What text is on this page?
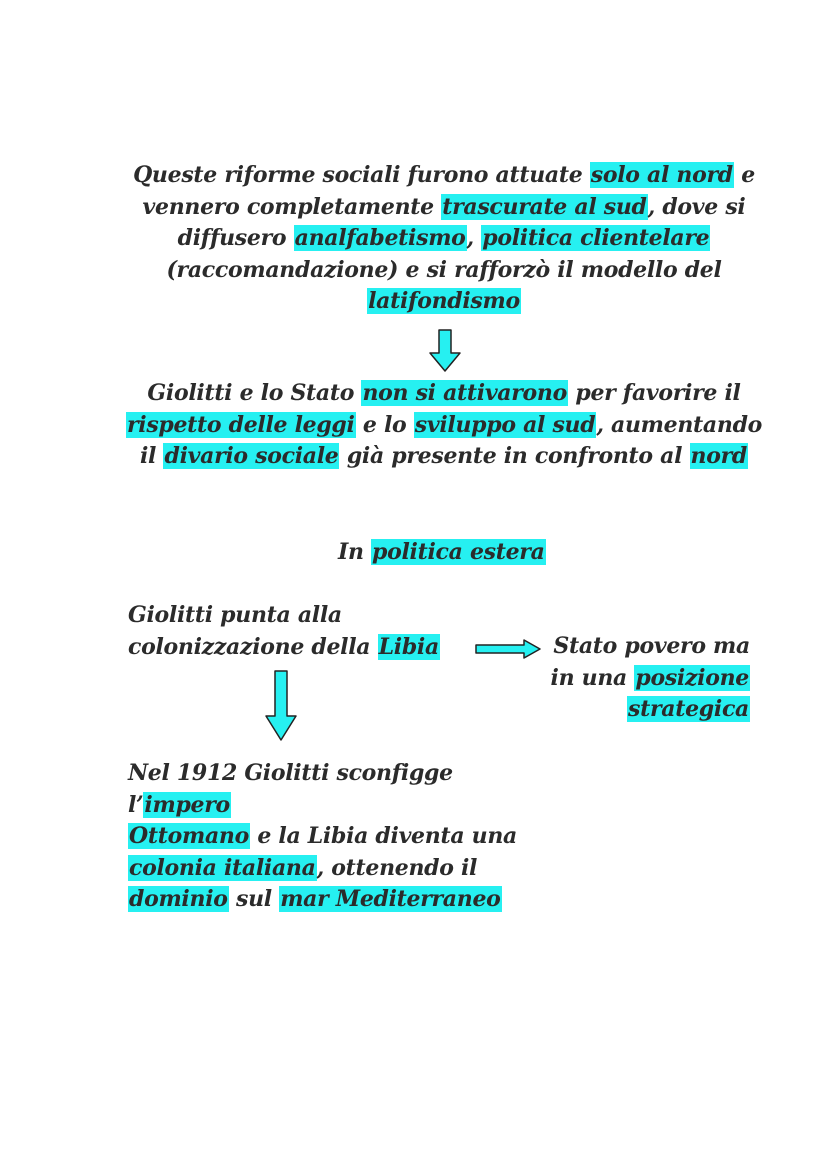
Queste riforme sociali furono attuate solo al nord e
vennero completamente trascurate al sud, dove si
diffusero analfabetismo, politica clientelare
(raccomandazione) e si rafforzò il modello del
latifondismo
Giolitti e lo Stato non si attivarono per favorire il
rispetto delle leggi e lo sviluppo al sud, aumentando
il divario sociale già presente in confronto al nord
In politica estera
Giolitti punta alla
colonizzazione della Libia	Stato povero ma
in una posizione
strategica
Nel 1912 Giolitti sconfigge l’impero
Ottomano e la Libia diventa una
colonia italiana, ottenendo il
dominio sul mar Mediterraneo
